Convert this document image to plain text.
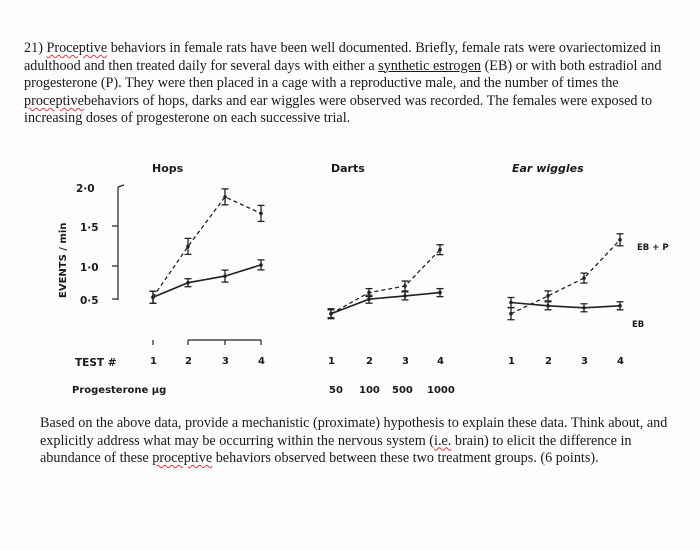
21) Proceptive behaviors in female rats have been well documented. Briefly, female rats were ovariectomized in adulthood and then treated daily for several days with either a synthetic estrogen (EB) or with both estradiol and progesterone (P). They were then placed in a cage with a reproductive male, and the number of times the proceptivebehaviors of hops, darks and ear wiggles were observed was recorded. The females were exposed to increasing doses of progesterone on each successive trial.

Hops	Darts	Ear wiggles
EVENTS / min
2·0
1·5
1·0
0·5
EB + P
EB
TEST #
Progesterone µg
1	2	3	4	1	2	3	4	1	2	3	4
50 100 500 1000
Based on the above data, provide a mechanistic (proximate) hypothesis to explain these data. Think about, and explicitly address what may be occurring within the nervous system (i.e. brain) to elicit the difference in abundance of these proceptive behaviors observed between these two treatment groups. (6 points).
